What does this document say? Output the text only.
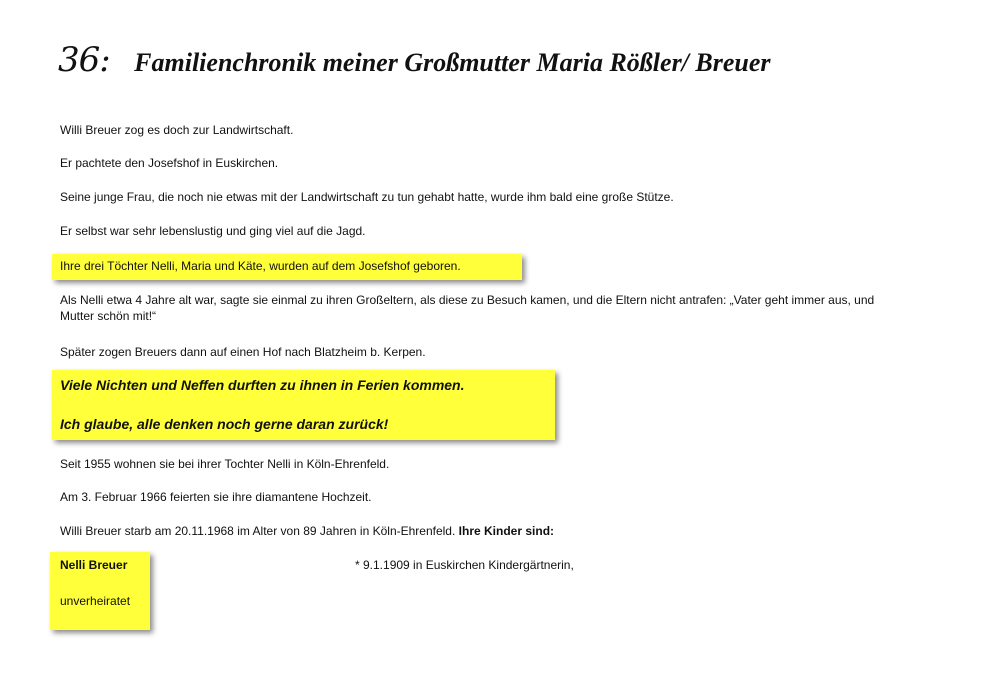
36: Familienchronik meiner Großmutter Maria Rößler/ Breuer
Willi Breuer zog es doch zur Landwirtschaft.
Er pachtete den Josefshof in Euskirchen.
Seine junge Frau, die noch nie etwas mit der Landwirtschaft zu tun gehabt hatte, wurde ihm bald eine große Stütze.
Er selbst war sehr lebenslustig und ging viel auf die Jagd.
Ihre drei Töchter Nelli, Maria und Käte, wurden auf dem Josefshof geboren.
Als Nelli etwa 4 Jahre alt war, sagte sie einmal zu ihren Großeltern, als diese zu Besuch kamen, und die Eltern nicht antrafen: „Vater geht immer aus, und Mutter schön mit!“
Später zogen Breuers dann auf einen Hof nach Blatzheim b. Kerpen.
Viele Nichten und Neffen durften zu ihnen in Ferien kommen.
Ich glaube, alle denken noch gerne daran zurück!
Seit 1955 wohnen sie bei ihrer Tochter Nelli in Köln-Ehrenfeld.
Am 3. Februar 1966 feierten sie ihre diamantene Hochzeit.
Willi Breuer starb am 20.11.1968 im Alter von 89 Jahren in Köln-Ehrenfeld. Ihre Kinder sind:
Nelli Breuer
unverheiratet
* 9.1.1909 in Euskirchen Kindergärtnerin,
